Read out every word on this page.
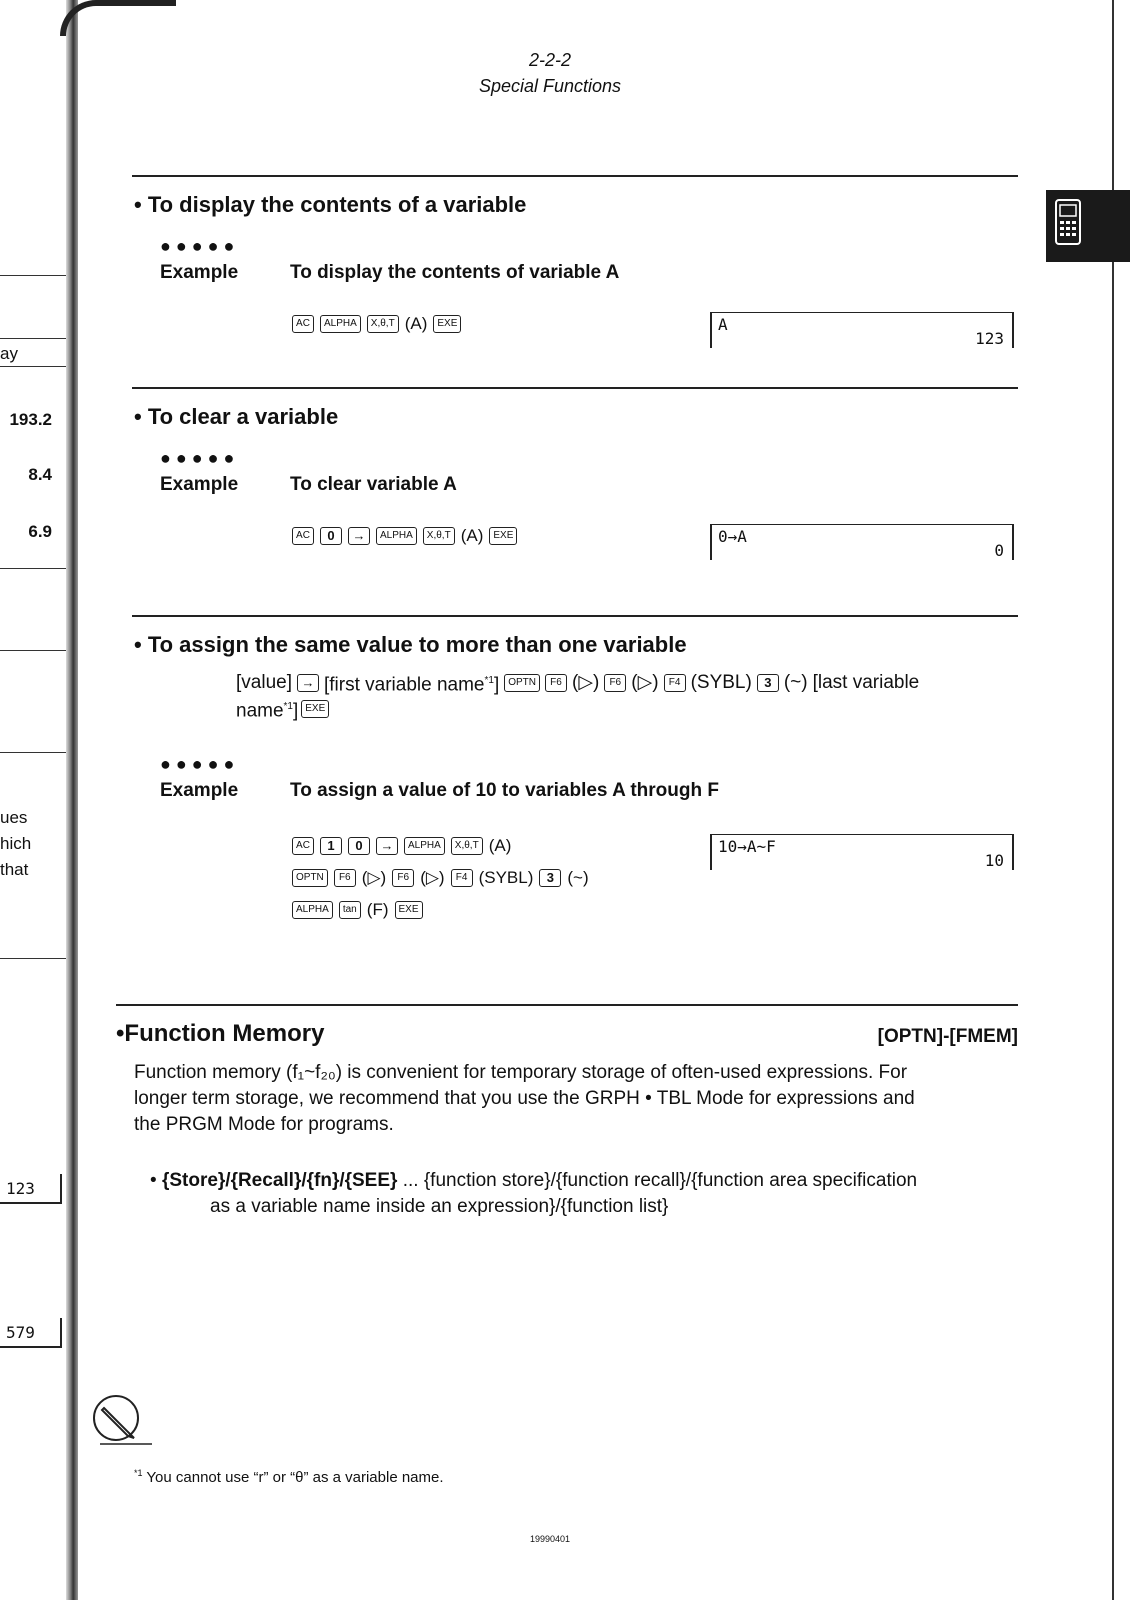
ay
193.2
8.4
6.9
ues
hich
that
123
579
2-2-2
Special Functions
• To display the contents of a variable
●●●●●
Example	To display the contents of variable A
AC	ALPHA	X,θ,T (A)	EXE	A
123
• To clear a variable
●●●●●
Example	To clear variable A
AC	0	→	ALPHA	X,θ,T (A)	EXE	0→A
0
• To assign the same value to more than one variable
[value] → [first variable name$^{*1}$] OPTN	F6 (▷)	F6 (▷)	F4 (SYBL) 3 (~) [last variable
name$^{*1}$] EXE
●●●●●
Example	To assign a value of 10 to variables A through F
AC	1	0	→	ALPHA	X,θ,T (A)
OPTN	F6 (▷)	F6 (▷)	F4 (SYBL)	3 (~)
ALPHA	tan (F)	EXE
10→A~F
10
•Function Memory	[OPTN]-[FMEM]
Function memory (f₁~f₂₀) is convenient for temporary storage of often-used expressions. For
longer term storage, we recommend that you use the GRPH • TBL Mode for expressions and
the PRGM Mode for programs.
• {Store}/{Recall}/{fn}/{SEE} ... {function store}/{function recall}/{function area specification
as a variable name inside an expression}/{function list}
$^{*1}$ You cannot use “r” or “θ” as a variable name.
19990401
